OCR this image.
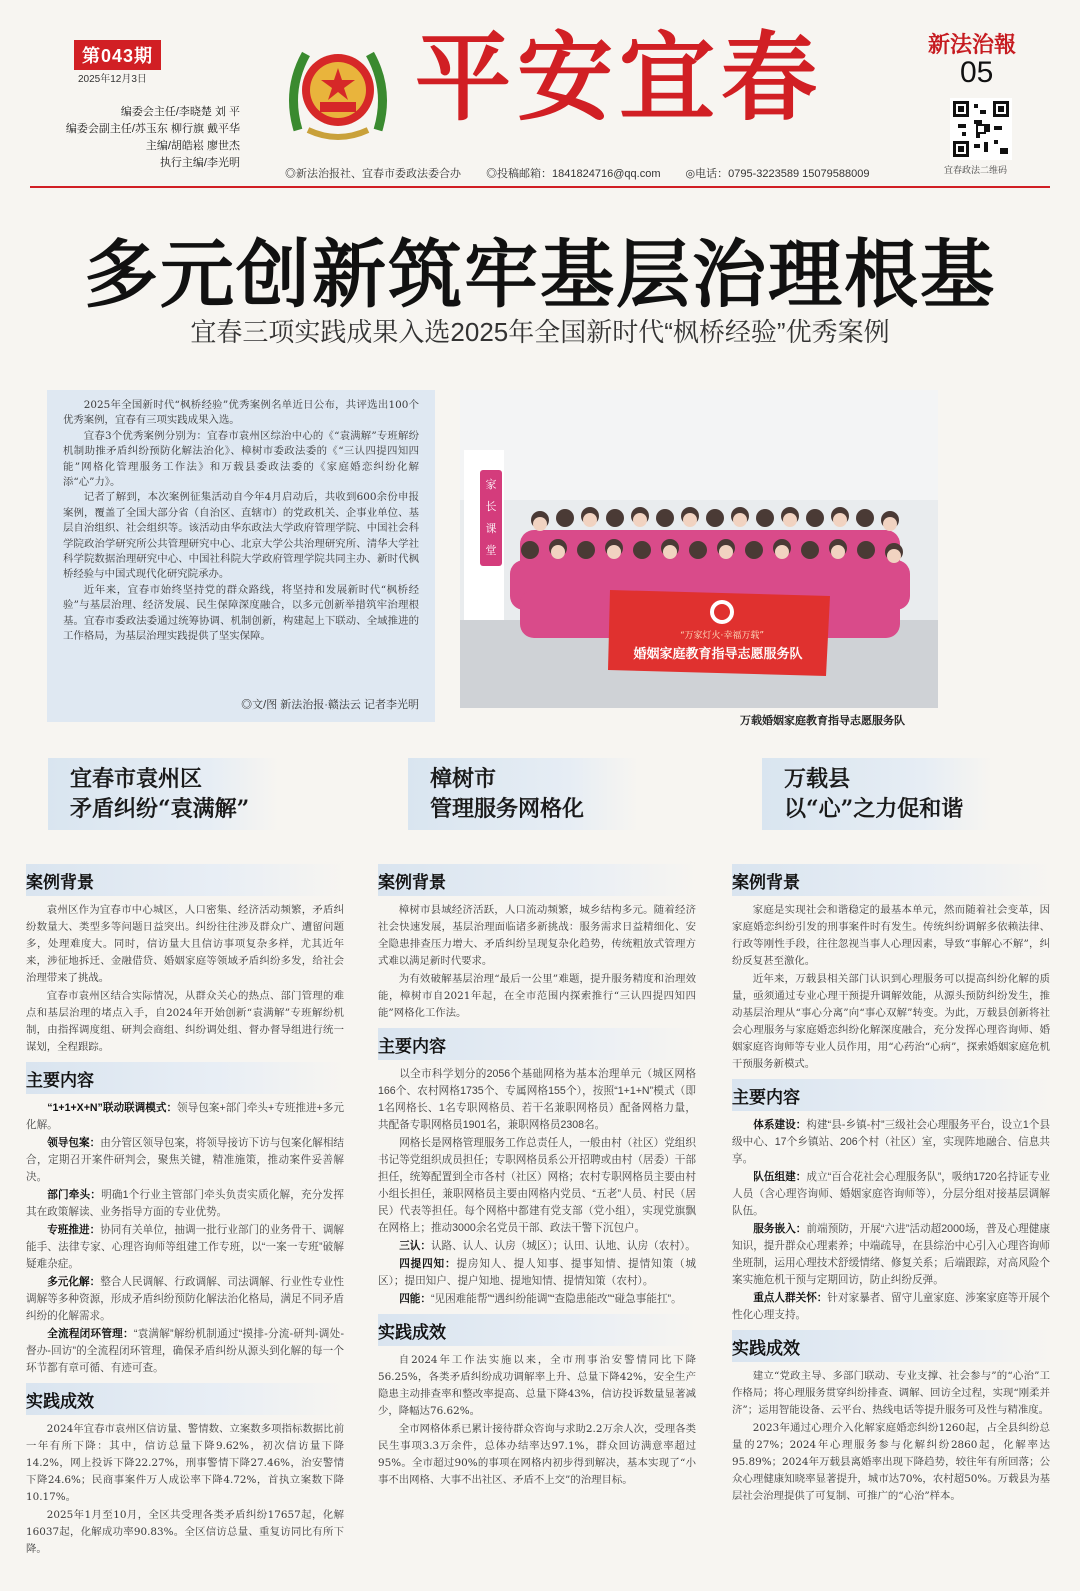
第043期
2025年12月3日
编委会主任/李晓楚 刘 平
编委会副主任/苏玉东 柳行旗 戴平华
主编/胡皓崧 廖世杰
执行主编/李光明
平安宜春	新法治報
05
宜春政法二维码
◎新法治报社、宜春市委政法委合办 ◎投稿邮箱：1841824716@qq.com ◎电话：0795-3223589 15079588009
多元创新筑牢基层治理根基
宜春三项实践成果入选2025年全国新时代“枫桥经验”优秀案例

2025年全国新时代“枫桥经验”优秀案例名单近日公布，共评选出100个优秀案例，宜春有三项实践成果入选。

宜春3个优秀案例分别为：宜春市袁州区综治中心的《“袁满解”专班解纷机制助推矛盾纠纷预防化解法治化》、樟树市委政法委的《“三认四提四知四能”网格化管理服务工作法》和万载县委政法委的《家庭婚恋纠纷化解添“心”力》。

记者了解到，本次案例征集活动自今年4月启动后，共收到600余份申报案例，覆盖了全国大部分省（自治区、直辖市）的党政机关、企事业单位、基层自治组织、社会组织等。该活动由华东政法大学政府管理学院、中国社会科学院政治学研究所公共管理研究中心、北京大学公共治理研究所、清华大学社科学院数据治理研究中心、中国社科院大学政府管理学院共同主办、新时代枫桥经验与中国式现代化研究院承办。

近年来，宜春市始终坚持党的群众路线，将坚持和发展新时代“枫桥经验”与基层治理、经济发展、民生保障深度融合，以多元创新举措筑牢治理根基。宜春市委政法委通过统筹协调、机制创新，构建起上下联动、全域推进的工作格局，为基层治理实践提供了坚实保障。

◎文/图 新法治报·赣法云 记者李光明
家
长
课
堂
“万家灯火·幸福万载”
婚姻家庭教育指导志愿服务队
万载婚姻家庭教育指导志愿服务队
宜春市袁州区
矛盾纠纷“袁满解”
樟树市
管理服务网格化
万载县
以“心”之力促和谐
案例背景

袁州区作为宜春市中心城区，人口密集、经济活动频繁，矛盾纠纷数量大、类型多等问题日益突出。纠纷往往涉及群众广、遭留问题多，处理难度大。同时，信访量大且信访事项复杂多样，尤其近年来，涉征地拆迁、金融借贷、婚姻家庭等领域矛盾纠纷多发，给社会治理带来了挑战。

宜春市袁州区结合实际情况，从群众关心的热点、部门管理的难点和基层治理的堵点入手，自2024年开始创新“袁满解”专班解纷机制，由指挥调度组、研判会商组、纠纷调处组、督办督导组进行统一谋划，全程跟踪。

主要内容

“1+1+X+N”联动联调模式：领导包案+部门牵头+专班推进+多元化解。

领导包案：由分管区领导包案，将领导接访下访与包案化解相结合，定期召开案件研判会，聚焦关键，精准施策，推动案件妥善解决。

部门牵头：明确1个行业主管部门牵头负责实质化解，充分发挥其在政策解读、业务指导方面的专业优势。

专班推进：协同有关单位，抽调一批行业部门的业务骨干、调解能手、法律专家、心理咨询师等组建工作专班，以“一案一专班”破解疑难杂症。

多元化解：整合人民调解、行政调解、司法调解、行业性专业性调解等多种资源，形成矛盾纠纷预防化解法治化格局，满足不同矛盾纠纷的化解需求。

全流程闭环管理：“袁满解”解纷机制通过“摸排-分流-研判-调处-督办-回访”的全流程闭环管理，确保矛盾纠纷从源头到化解的每一个环节都有章可循、有迹可查。

实践成效

2024年宜春市袁州区信访量、警情数、立案数多项指标数据比前一年有所下降：其中，信访总量下降9.62%，初次信访量下降14.2%，网上投诉下降22.27%，刑事警情下降27.46%，治安警情下降24.6%；民商事案件万人成讼率下降4.72%，首执立案数下降10.17%。

2025年1月至10月，全区共受理各类矛盾纠纷17657起，化解16037起，化解成功率90.83%。全区信访总量、重复访同比有所下降。

案例背景

樟树市县域经济活跃，人口流动频繁，城乡结构多元。随着经济社会快速发展，基层治理面临诸多新挑战：服务需求日益精细化、安全隐患排查压力增大、矛盾纠纷呈现复杂化趋势，传统粗放式管理方式难以满足新时代要求。

为有效破解基层治理“最后一公里”难题，提升服务精度和治理效能，樟树市自2021年起，在全市范围内探索推行“三认四提四知四能”网格化工作法。

主要内容

以全市科学划分的2056个基础网格为基本治理单元（城区网格166个、农村网格1735个、专属网格155个），按照“1+1+N”模式（即1名网格长、1名专职网格员、若干名兼职网格员）配备网格力量，共配备专职网格员1901名，兼职网格员2308名。

网格长是网格管理服务工作总责任人，一般由村（社区）党组织书记等党组织成员担任；专职网格员系公开招聘或由村（居委）干部担任，统筹配置到全市各村（社区）网格；农村专职网格员主要由村小组长担任，兼职网格员主要由网格内党员、“五老”人员、村民（居民）代表等担任。每个网格中都建有党支部（党小组），实现党旗飘在网格上；推动3000余名党员干部、政法干警下沉包户。

三认：认路、认人、认房（城区）；认田、认地、认房（农村）。

四提四知：提房知人、提人知事、提事知情、提情知策（城区）；提田知户、提户知地、提地知情、提情知策（农村）。

四能：“见困难能帮”“遇纠纷能调”“查隐患能改”“碰急事能扛”。

实践成效

自2024年工作法实施以来，全市刑事治安警情同比下降56.25%，各类矛盾纠纷成功调解率上升、总量下降42%，安全生产隐患主动排查率和整改率提高、总量下降43%，信访投诉数量显著减少，降幅达76.62%。

全市网格体系已累计接待群众咨询与求助2.2万余人次，受理各类民生事项3.3万余件，总体办结率达97.1%，群众回访满意率超过95%。全市超过90%的事项在网格内初步得到解决，基本实现了“小事不出网格、大事不出社区、矛盾不上交”的治理目标。

案例背景

家庭是实现社会和谐稳定的最基本单元，然而随着社会变革，因家庭婚恋纠纷引发的刑事案件时有发生。传统纠纷调解多依赖法律、行政等刚性手段，往往忽视当事人心理因素，导致“事解心不解”，纠纷反复甚至激化。

近年来，万载县相关部门认识到心理服务可以提高纠纷化解的质量，亟须通过专业心理干预提升调解效能，从源头预防纠纷发生，推动基层治理从“事心分离”向“事心双解”转变。为此，万载县创新将社会心理服务与家庭婚恋纠纷化解深度融合，充分发挥心理咨询师、婚姻家庭咨询师等专业人员作用，用“心药治“心病”，探索婚姻家庭危机干预服务新模式。

主要内容

体系建设：构建“县-乡镇-村”三级社会心理服务平台，设立1个县级中心、17个乡镇站、206个村（社区）室，实现阵地融合、信息共享。

队伍组建：成立“百合花社会心理服务队”，吸纳1720名持证专业人员（含心理咨询师、婚姻家庭咨询师等），分层分组对接基层调解队伍。

服务嵌入：前端预防，开展“六进”活动超2000场，普及心理健康知识，提升群众心理素养；中端疏导，在县综治中心引入心理咨询师坐班制，运用心理技术舒缓情绪、修复关系；后端跟踪，对高风险个案实施危机干预与定期回访，防止纠纷反弹。

重点人群关怀：针对家暴者、留守儿童家庭、涉案家庭等开展个性化心理支持。

实践成效

建立“党政主导、多部门联动、专业支撑、社会参与”的“心治”工作格局；将心理服务贯穿纠纷排查、调解、回访全过程，实现“刚柔并济”；运用智能设备、云平台、热线电话等提升服务可及性与精准度。

2023年通过心理介入化解家庭婚恋纠纷1260起，占全县纠纷总量的27%；2024年心理服务参与化解纠纷2860起，化解率达95.89%；2024年万载县离婚率出现下降趋势，较往年有所回落；公众心理健康知晓率显著提升，城市达70%，农村超50%。万载县为基层社会治理提供了可复制、可推广的“心治”样本。
